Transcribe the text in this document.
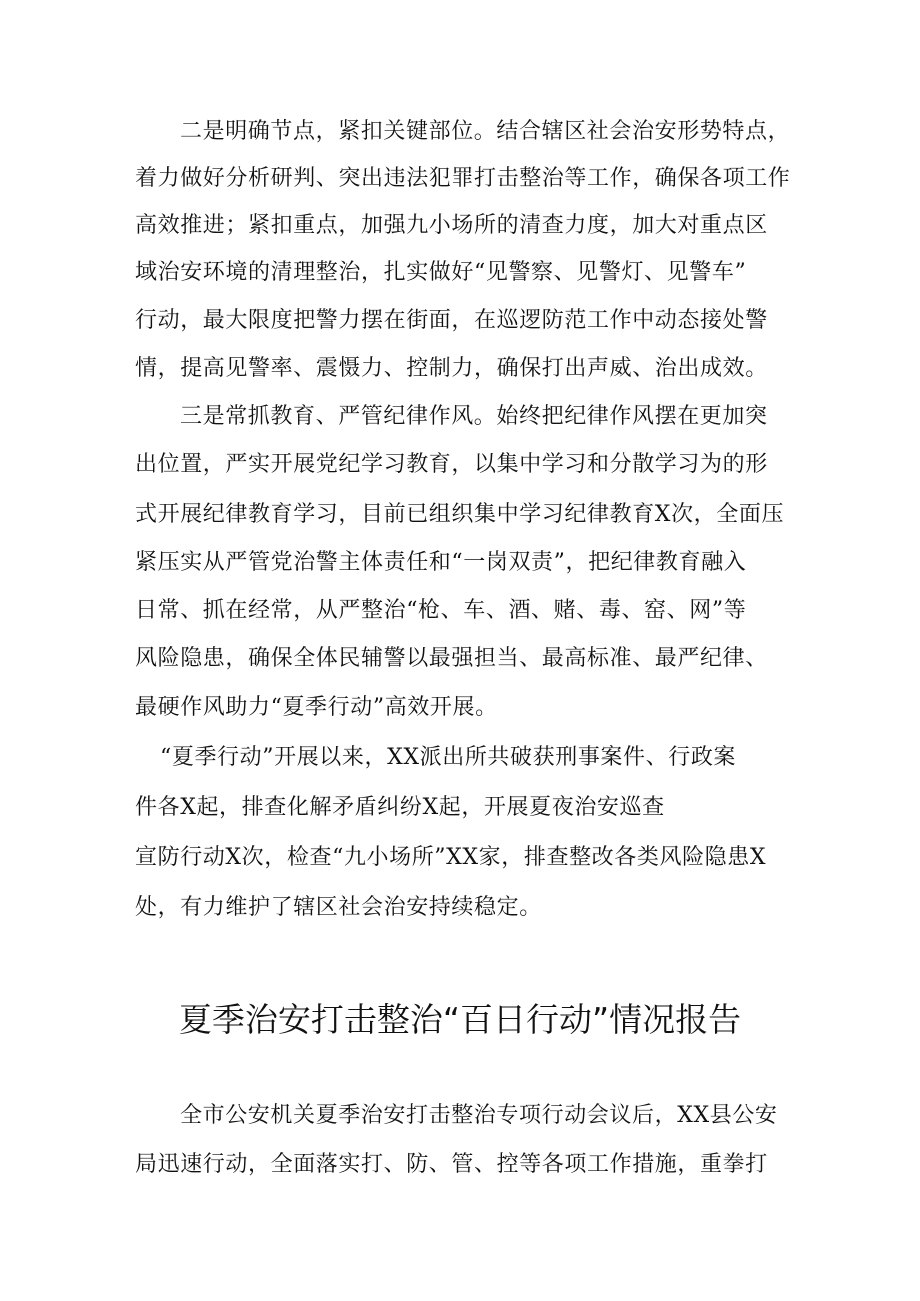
二是明确节点，紧扣关键部位。结合辖区社会治安形势特点，
着力做好分析研判、突出违法犯罪打击整治等工作，确保各项工作
高效推进；紧扣重点，加强九小场所的清查力度，加大对重点区
域治安环境的清理整治，扎实做好“见警察、见警灯、见警车”
行动，最大限度把警力摆在街面，在巡逻防范工作中动态接处警
情，提高见警率、震慑力、控制力，确保打出声威、治出成效。
三是常抓教育、严管纪律作风。始终把纪律作风摆在更加突
出位置，严实开展党纪学习教育，以集中学习和分散学习为的形
式开展纪律教育学习，目前已组织集中学习纪律教育X次，全面压
紧压实从严管党治警主体责任和“一岗双责”，把纪律教育融入
日常、抓在经常，从严整治“枪、车、酒、赌、毒、窑、网”等
风险隐患，确保全体民辅警以最强担当、最高标准、最严纪律、
最硬作风助力“夏季行动”高效开展。
“夏季行动”开展以来，XX派出所共破获刑事案件、行政案
件各X起，排查化解矛盾纠纷X起，开展夏夜治安巡查
宣防行动X次，检查“九小场所”XX家，排查整改各类风险隐患X
处，有力维护了辖区社会治安持续稳定。
夏季治安打击整治“百日行动”情况报告
全市公安机关夏季治安打击整治专项行动会议后，XX县公安
局迅速行动，全面落实打、防、管、控等各项工作措施，重拳打
